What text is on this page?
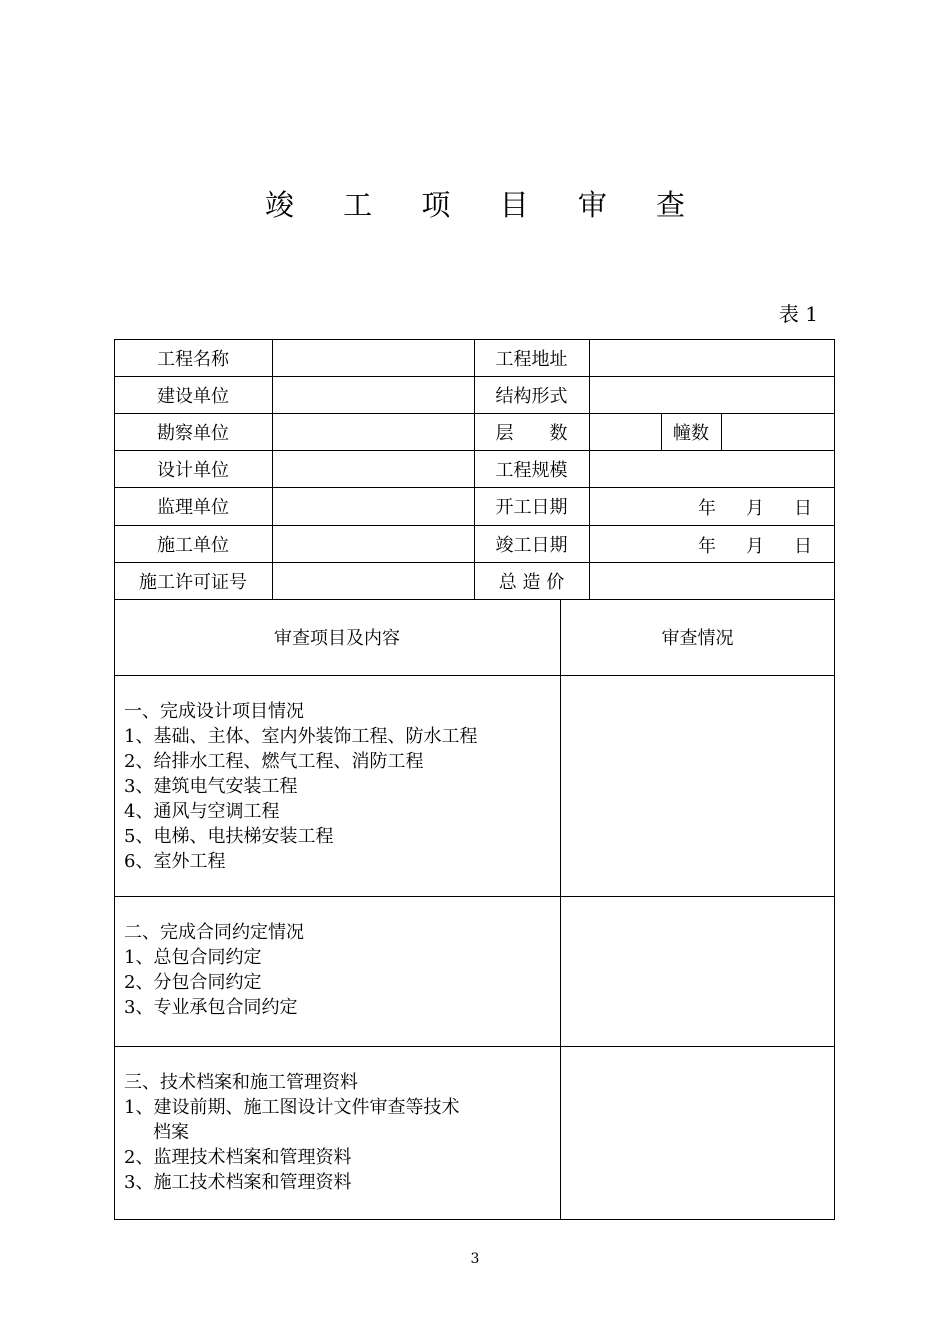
竣 工 项 目 审 查
表 1
工程名称
建设单位
勘察单位
设计单位
监理单位
施工单位
施工许可证号
工程地址
结构形式
层　　数
工程规模
开工日期
竣工日期
总 造 价
幢数
年 月 日
年 月 日
审查项目及内容	审查情况
一、完成设计项目情况
1、基础、主体、室内外装饰工程、防水工程
2、给排水工程、燃气工程、消防工程
3、建筑电气安装工程
4、通风与空调工程
5、电梯、电扶梯安装工程
6、室外工程
二、完成合同约定情况
1、总包合同约定
2、分包合同约定
3、专业承包合同约定
三、技术档案和施工管理资料
1、建设前期、施工图设计文件审查等技术
档案
2、监理技术档案和管理资料
3、施工技术档案和管理资料
3
